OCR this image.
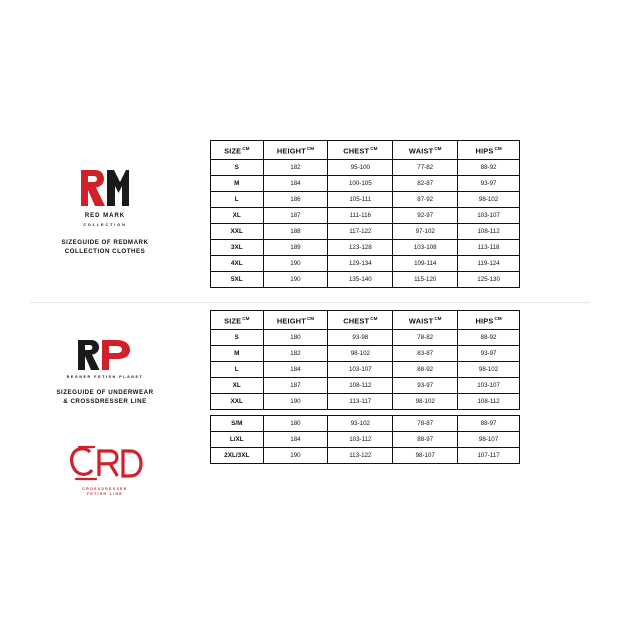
RED MARK
COLLECTION
SIZEGUIDE OF REDMARK
COLLECTION CLOTHES
$SIZE^{CM}$	$HEIGHT^{CM}$	$CHEST^{CM}$	$WAIST^{CM}$	$HIPS^{CM}$
S	182	95-100	77-82	88-92
M	184	100-105	82-87	93-97
L	186	105-111	87-92	98-102
XL	187	111-116	92-97	103-107
XXL	188	117-122	97-102	108-112
3XL	189	123-128	103-108	113-118
4XL	190	129-134	109-114	119-124
5XL	190	135-140	115-120	125-130
REGNER FETISH PLANET
SIZEGUIDE OF UNDERWEAR
& CROSSDRESSER LINE
$SIZE^{CM}$	$HEIGHT^{CM}$	$CHEST^{CM}$	$WAIST^{CM}$	$HIPS^{CM}$
S	180	93-98	78-82	88-92
M	182	98-102	83-87	93-97
L	184	103-107	88-92	98-102
XL	187	108-112	93-97	103-107
XXL	190	113-117	98-102	108-112
CROSSDRESSER
FETISH LINE
S/M	180	93-102	78-87	88-97
L/XL	184	103-112	88-97	98-107
2XL/3XL	190	113-122	98-107	107-117
